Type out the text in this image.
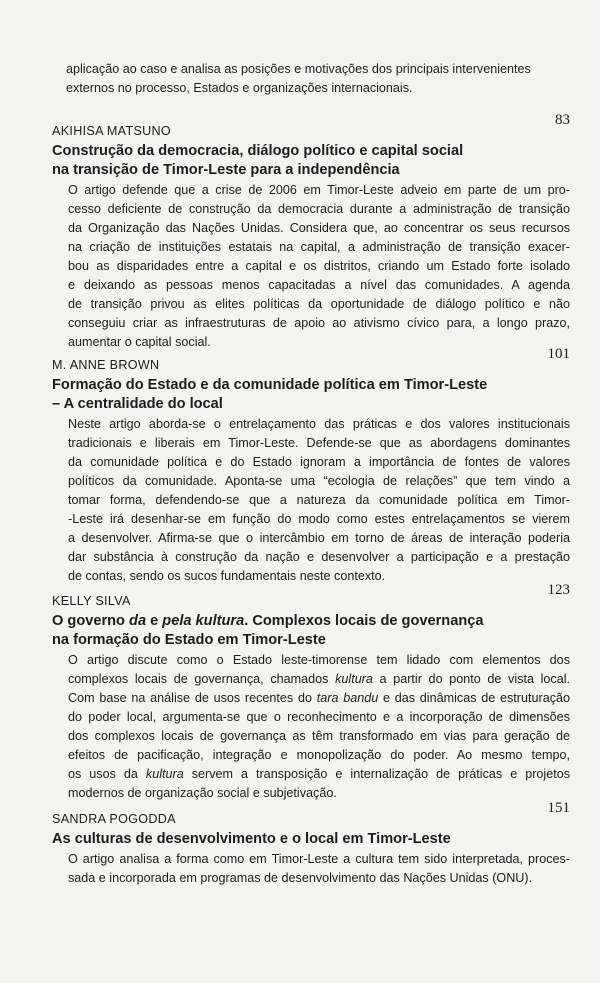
aplicação ao caso e analisa as posições e motivações dos principais intervenientes
externos no processo, Estados e organizações internacionais.
AKIHISA MATSUNO
83
Construção da democracia, diálogo político e capital social
na transição de Timor-Leste para a independência
O artigo defende que a crise de 2006 em Timor-Leste adveio em parte de um pro-
cesso deficiente de construção da democracia durante a administração de transição
da Organização das Nações Unidas. Considera que, ao concentrar os seus recursos
na criação de instituições estatais na capital, a administração de transição exacer-
bou as disparidades entre a capital e os distritos, criando um Estado forte isolado
e deixando as pessoas menos capacitadas a nível das comunidades. A agenda
de transição privou as elites políticas da oportunidade de diálogo político e não
conseguiu criar as infraestruturas de apoio ao ativismo cívico para, a longo prazo,
aumentar o capital social.
M. ANNE BROWN
101
Formação do Estado e da comunidade política em Timor-Leste
– A centralidade do local
Neste artigo aborda-se o entrelaçamento das práticas e dos valores institucionais
tradicionais e liberais em Timor-Leste. Defende-se que as abordagens dominantes
da comunidade política e do Estado ignoram a importância de fontes de valores
políticos da comunidade. Aponta-se uma “ecologia de relações” que tem vindo a
tomar forma, defendendo-se que a natureza da comunidade política em Timor-
-Leste irá desenhar-se em função do modo como estes entrelaçamentos se vierem
a desenvolver. Afirma-se que o intercâmbio em torno de áreas de interação poderia
dar substância à construção da nação e desenvolver a participação e a prestação
de contas, sendo os sucos fundamentais neste contexto.
KELLY SILVA
123
O governo da e pela kultura. Complexos locais de governança
na formação do Estado em Timor-Leste
O artigo discute como o Estado leste-timorense tem lidado com elementos dos
complexos locais de governança, chamados kultura a partir do ponto de vista local.
Com base na análise de usos recentes do tara bandu e das dinâmicas de estruturação
do poder local, argumenta-se que o reconhecimento e a incorporação de dimensões
dos complexos locais de governança as têm transformado em vias para geração de
efeitos de pacificação, integração e monopolização do poder. Ao mesmo tempo,
os usos da kultura servem a transposição e internalização de práticas e projetos
modernos de organização social e subjetivação.
SANDRA POGODDA
151
As culturas de desenvolvimento e o local em Timor-Leste
O artigo analisa a forma como em Timor-Leste a cultura tem sido interpretada, proces-
sada e incorporada em programas de desenvolvimento das Nações Unidas (ONU).
